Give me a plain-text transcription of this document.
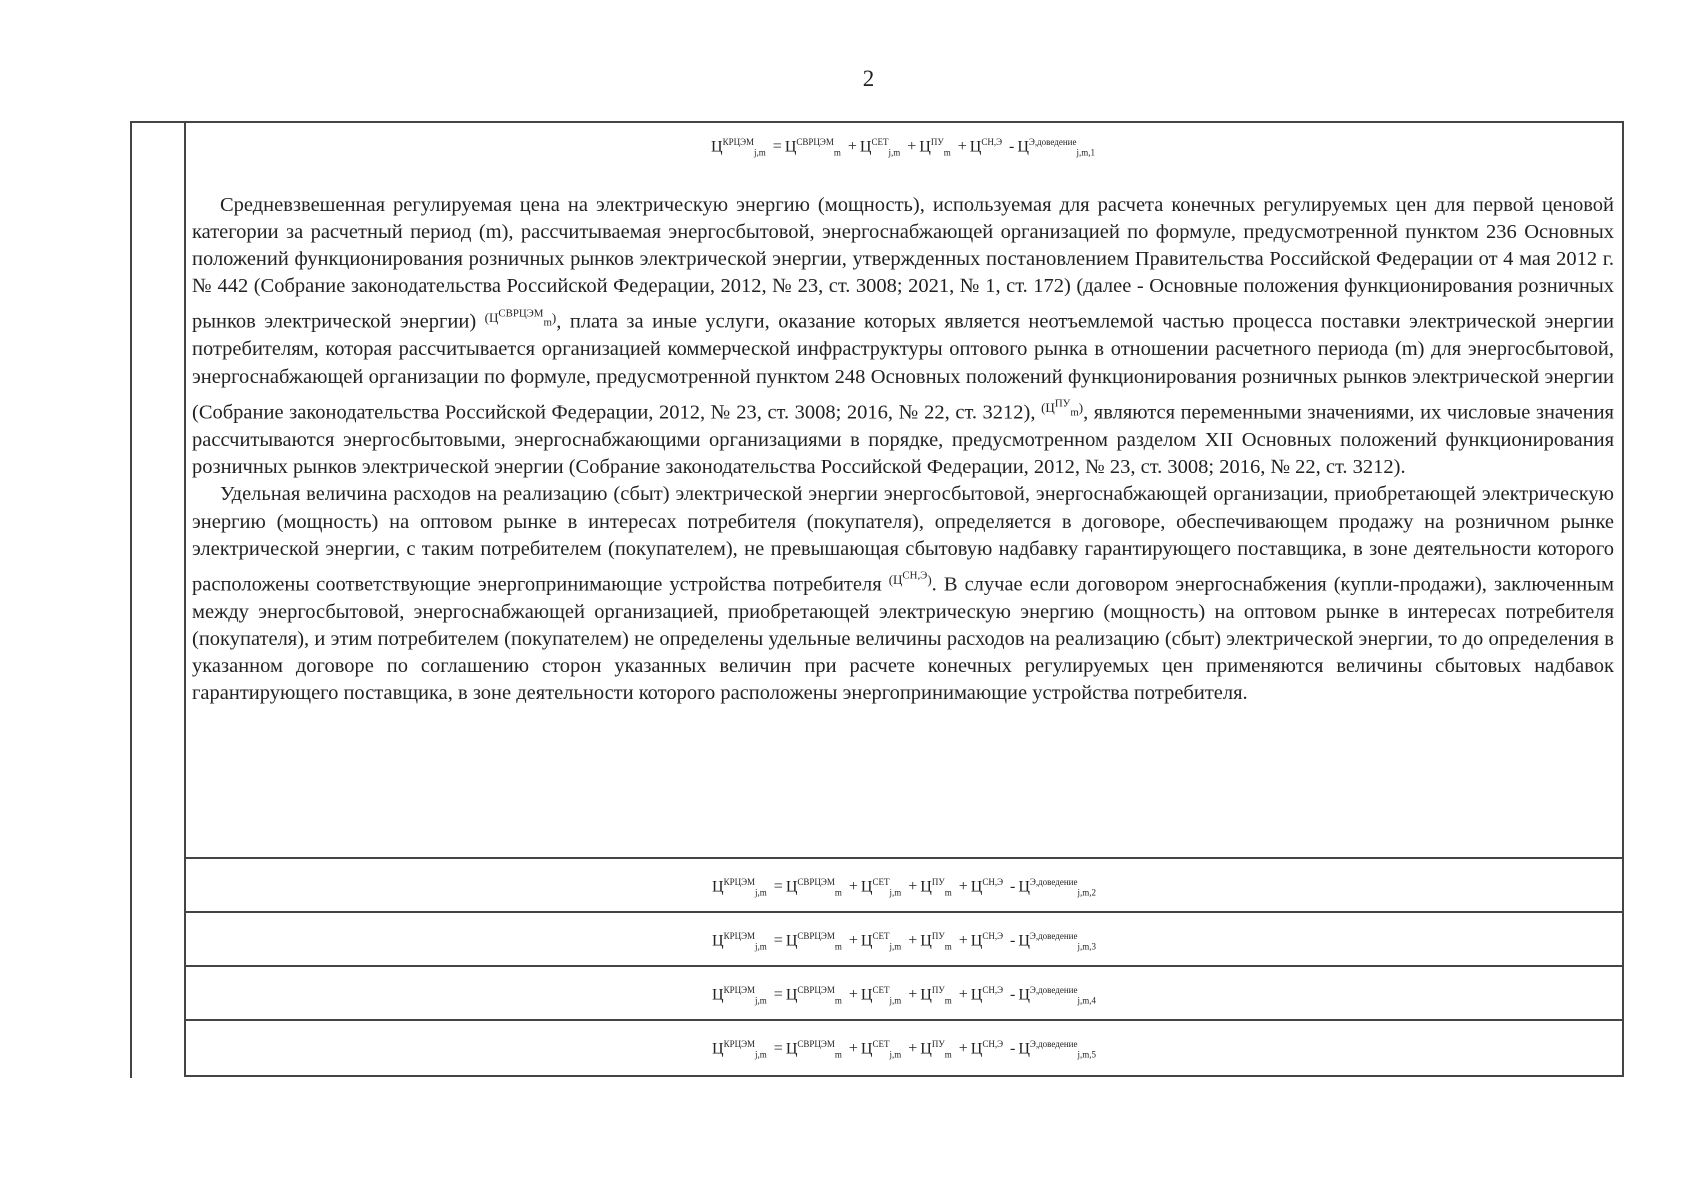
2
$Ц^{КРЦЭМ}_{j,m} = Ц^{СВРЦЭМ}_m + Ц^{СЕТ}_{j,m} + Ц^{ПУ}_m + Ц^{СН,Э} - Ц^{Э,доведение}_{j,m,1}$

Средневзвешенная регулируемая цена на электрическую энергию (мощность), используемая для расчета конечных регулируемых цен для первой ценовой категории за расчетный период (m), рассчитываемая энергосбытовой, энергоснабжающей организацией по формуле, предусмотренной пунктом 236 Основных положений функционирования розничных рынков электрической энергии, утвержденных постановлением Правительства Российской Федерации от 4 мая 2012 г. № 442 (Собрание законодательства Российской Федерации, 2012, № 23, ст. 3008; 2021, № 1, ст. 172) (далее - Основные положения функционирования розничных рынков электрической энергии) $^{(Ц^{СВРЦЭМ}_m)}$, плата за иные услуги, оказание которых является неотъемлемой частью процесса поставки электрической энергии потребителям, которая рассчитывается организацией коммерческой инфраструктуры оптового рынка в отношении расчетного периода (m) для энергосбытовой, энергоснабжающей организации по формуле, предусмотренной пунктом 248 Основных положений функционирования розничных рынков электрической энергии (Собрание законодательства Российской Федерации, 2012, № 23, ст. 3008; 2016, № 22, ст. 3212), $^{(Ц^{ПУ}_m)}$, являются переменными значениями, их числовые значения рассчитываются энергосбытовыми, энергоснабжающими организациями в порядке, предусмотренном разделом XII Основных положений функционирования розничных рынков электрической энергии (Собрание законодательства Российской Федерации, 2012, № 23, ст. 3008; 2016, № 22, ст. 3212).

Удельная величина расходов на реализацию (сбыт) электрической энергии энергосбытовой, энергоснабжающей организации, приобретающей электрическую энергию (мощность) на оптовом рынке в интересах потребителя (покупателя), определяется в договоре, обеспечивающем продажу на розничном рынке электрической энергии, с таким потребителем (покупателем), не превышающая сбытовую надбавку гарантирующего поставщика, в зоне деятельности которого расположены соответствующие энергопринимающие устройства потребителя $^{(Ц^{СН,Э})}$. В случае если договором энергоснабжения (купли-продажи), заключенным между энергосбытовой, энергоснабжающей организацией, приобретающей электрическую энергию (мощность) на оптовом рынке в интересах потребителя (покупателя), и этим потребителем (покупателем) не определены удельные величины расходов на реализацию (сбыт) электрической энергии, то до определения в указанном договоре по соглашению сторон указанных величин при расчете конечных регулируемых цен применяются величины сбытовых надбавок гарантирующего поставщика, в зоне деятельности которого расположены энергопринимающие устройства потребителя.

$Ц^{КРЦЭМ}_{j,m} = Ц^{СВРЦЭМ}_m + Ц^{СЕТ}_{j,m} + Ц^{ПУ}_m + Ц^{СН,Э} - Ц^{Э,доведение}_{j,m,2}$
$Ц^{КРЦЭМ}_{j,m} = Ц^{СВРЦЭМ}_m + Ц^{СЕТ}_{j,m} + Ц^{ПУ}_m + Ц^{СН,Э} - Ц^{Э,доведение}_{j,m,3}$
$Ц^{КРЦЭМ}_{j,m} = Ц^{СВРЦЭМ}_m + Ц^{СЕТ}_{j,m} + Ц^{ПУ}_m + Ц^{СН,Э} - Ц^{Э,доведение}_{j,m,4}$
$Ц^{КРЦЭМ}_{j,m} = Ц^{СВРЦЭМ}_m + Ц^{СЕТ}_{j,m} + Ц^{ПУ}_m + Ц^{СН,Э} - Ц^{Э,доведение}_{j,m,5}$
